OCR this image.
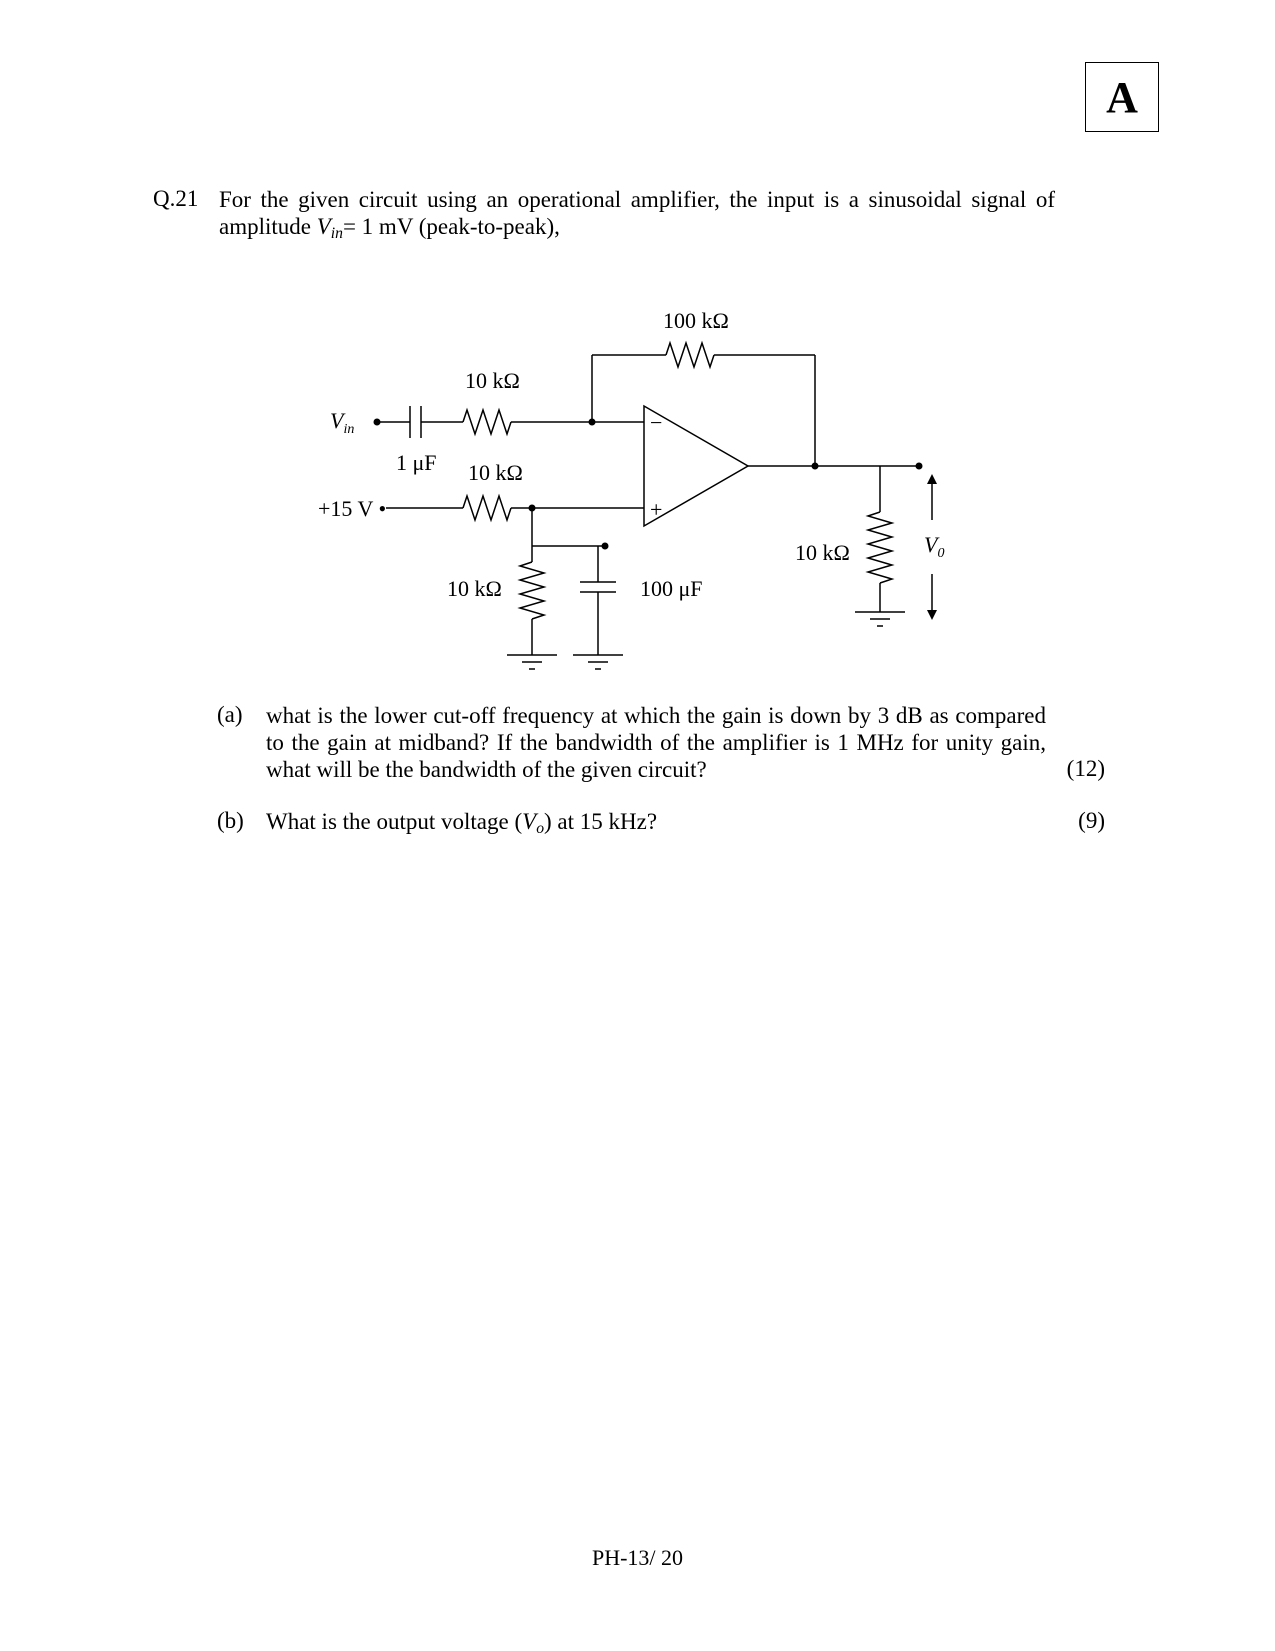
A
Q.21 For the given circuit using an operational amplifier, the input is a sinusoidal signal of
amplitude $V_{in}= 1$ mV (peak-to-peak),
$V_{in}$
1 μF
10 kΩ
100 kΩ
+15 V •
10 kΩ
10 kΩ	100 μF
10 kΩ	$V_0$
−
+
(a) what is the lower cut-off frequency at which the gain is down by 3 dB as compared
to the gain at midband? If the bandwidth of the amplifier is 1 MHz for unity gain,
what will be the bandwidth of the given circuit?	(12)
(b) What is the output voltage $(V_o)$ at 15 kHz?	(9)
PH-13/ 20
